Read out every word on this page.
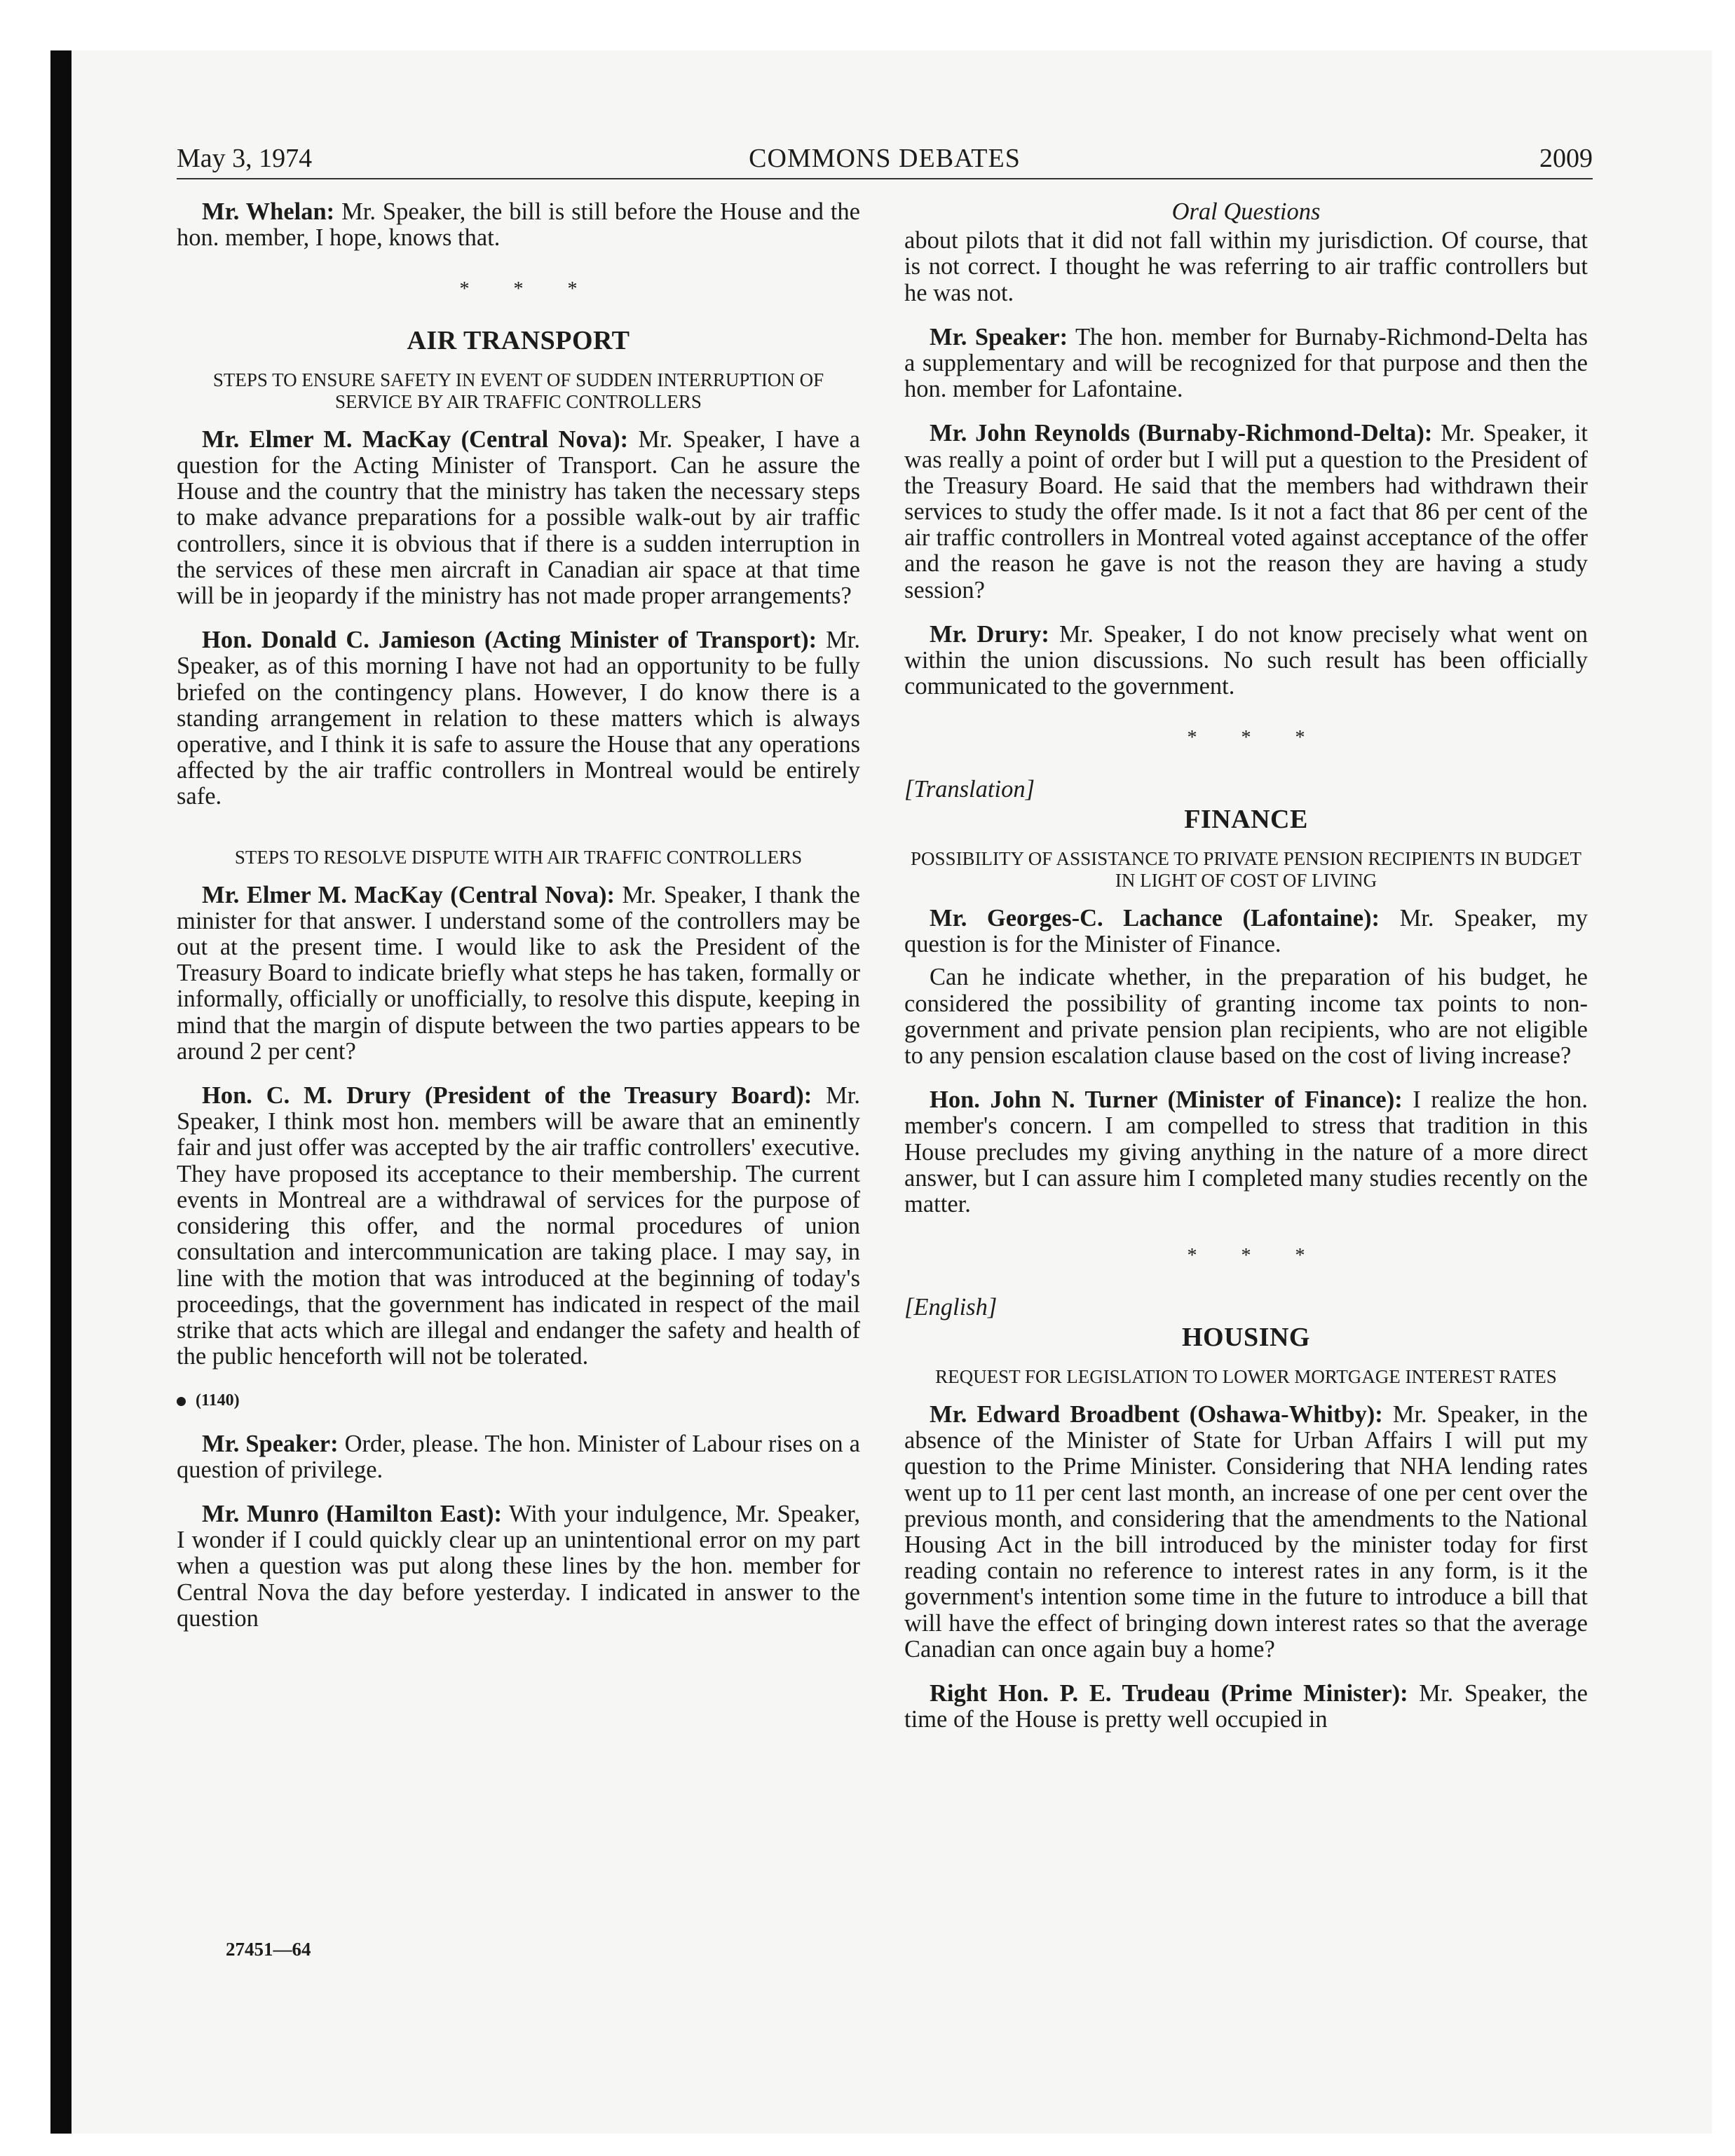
May 3, 1974	COMMONS DEBATES	2009

Mr. Whelan: Mr. Speaker, the bill is still before the House and the hon. member, I hope, knows that.

* * *
AIR TRANSPORT
STEPS TO ENSURE SAFETY IN EVENT OF SUDDEN INTERRUPTION OF SERVICE BY AIR TRAFFIC CONTROLLERS

Mr. Elmer M. MacKay (Central Nova): Mr. Speaker, I have a question for the Acting Minister of Transport. Can he assure the House and the country that the ministry has taken the necessary steps to make advance preparations for a possible walk-out by air traffic controllers, since it is obvious that if there is a sudden interruption in the services of these men aircraft in Canadian air space at that time will be in jeopardy if the ministry has not made proper arrangements?

Hon. Donald C. Jamieson (Acting Minister of Transport): Mr. Speaker, as of this morning I have not had an opportunity to be fully briefed on the contingency plans. However, I do know there is a standing arrangement in relation to these matters which is always operative, and I think it is safe to assure the House that any operations affected by the air traffic controllers in Montreal would be entirely safe.

STEPS TO RESOLVE DISPUTE WITH AIR TRAFFIC CONTROLLERS

Mr. Elmer M. MacKay (Central Nova): Mr. Speaker, I thank the minister for that answer. I understand some of the controllers may be out at the present time. I would like to ask the President of the Treasury Board to indicate briefly what steps he has taken, formally or informally, officially or unofficially, to resolve this dispute, keeping in mind that the margin of dispute between the two parties appears to be around 2 per cent?

Hon. C. M. Drury (President of the Treasury Board): Mr. Speaker, I think most hon. members will be aware that an eminently fair and just offer was accepted by the air traffic controllers' executive. They have proposed its acceptance to their membership. The current events in Montreal are a withdrawal of services for the purpose of considering this offer, and the normal procedures of union consultation and intercommunication are taking place. I may say, in line with the motion that was introduced at the beginning of today's proceedings, that the government has indicated in respect of the mail strike that acts which are illegal and endanger the safety and health of the public henceforth will not be tolerated.

(1140)

Mr. Speaker: Order, please. The hon. Minister of Labour rises on a question of privilege.

Mr. Munro (Hamilton East): With your indulgence, Mr. Speaker, I wonder if I could quickly clear up an unintentional error on my part when a question was put along these lines by the hon. member for Central Nova the day before yesterday. I indicated in answer to the question

Oral Questions

about pilots that it did not fall within my jurisdiction. Of course, that is not correct. I thought he was referring to air traffic controllers but he was not.

Mr. Speaker: The hon. member for Burnaby-Richmond-Delta has a supplementary and will be recognized for that purpose and then the hon. member for Lafontaine.

Mr. John Reynolds (Burnaby-Richmond-Delta): Mr. Speaker, it was really a point of order but I will put a question to the President of the Treasury Board. He said that the members had withdrawn their services to study the offer made. Is it not a fact that 86 per cent of the air traffic controllers in Montreal voted against acceptance of the offer and the reason he gave is not the reason they are having a study session?

Mr. Drury: Mr. Speaker, I do not know precisely what went on within the union discussions. No such result has been officially communicated to the government.

* * *
[Translation]
FINANCE
POSSIBILITY OF ASSISTANCE TO PRIVATE PENSION RECIPIENTS IN BUDGET IN LIGHT OF COST OF LIVING

Mr. Georges-C. Lachance (Lafontaine): Mr. Speaker, my question is for the Minister of Finance.

Can he indicate whether, in the preparation of his budget, he considered the possibility of granting income tax points to non-government and private pension plan recipients, who are not eligible to any pension escalation clause based on the cost of living increase?

Hon. John N. Turner (Minister of Finance): I realize the hon. member's concern. I am compelled to stress that tradition in this House precludes my giving anything in the nature of a more direct answer, but I can assure him I completed many studies recently on the matter.

* * *
[English]
HOUSING
REQUEST FOR LEGISLATION TO LOWER MORTGAGE INTEREST RATES

Mr. Edward Broadbent (Oshawa-Whitby): Mr. Speaker, in the absence of the Minister of State for Urban Affairs I will put my question to the Prime Minister. Considering that NHA lending rates went up to 11 per cent last month, an increase of one per cent over the previous month, and considering that the amendments to the National Housing Act in the bill introduced by the minister today for first reading contain no reference to interest rates in any form, is it the government's intention some time in the future to introduce a bill that will have the effect of bringing down interest rates so that the average Canadian can once again buy a home?

Right Hon. P. E. Trudeau (Prime Minister): Mr. Speaker, the time of the House is pretty well occupied in

27451—64
